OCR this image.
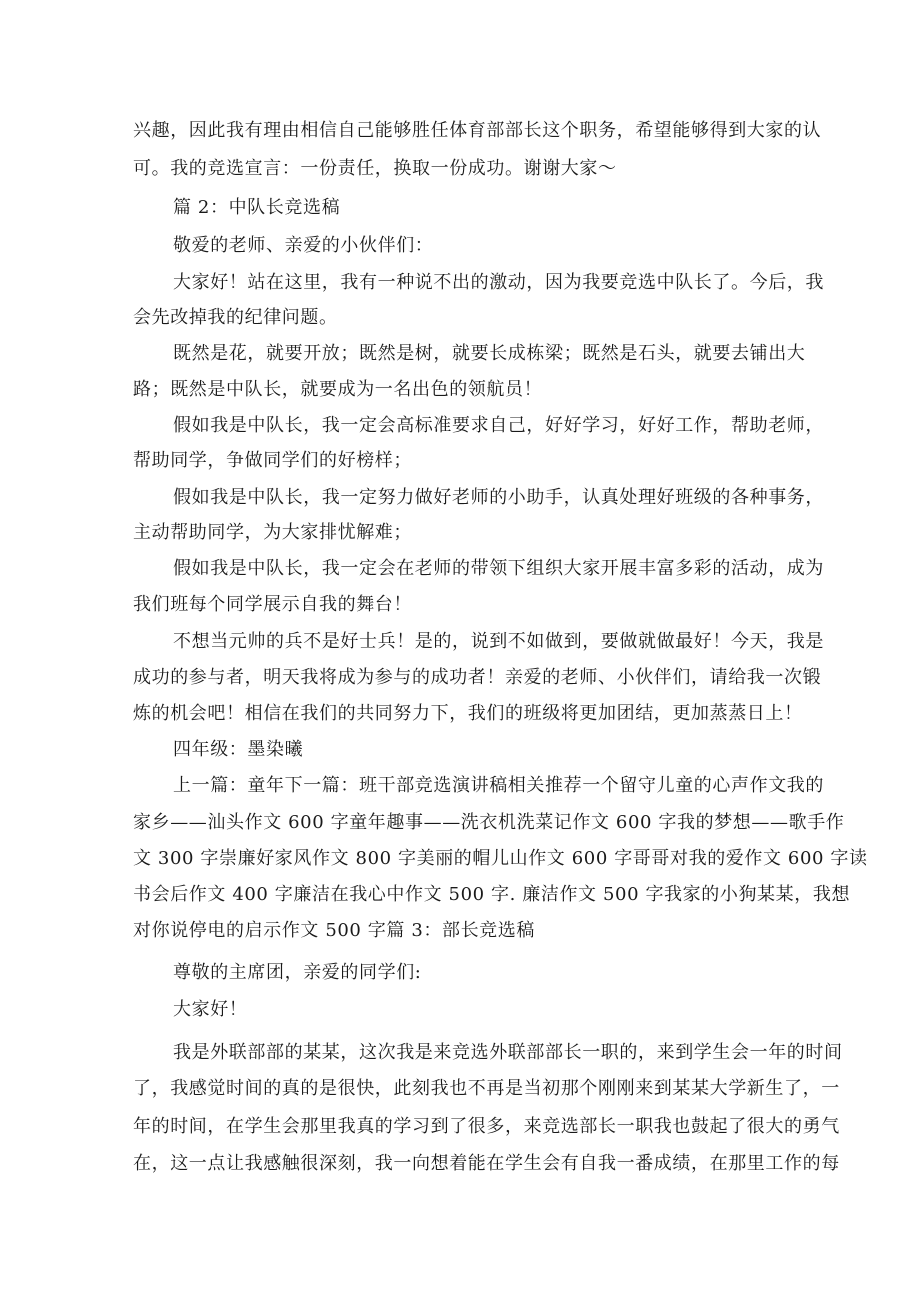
兴趣，因此我有理由相信自己能够胜任体育部部长这个职务，希望能够得到大家的认
可。我的竞选宣言：一份责任，换取一份成功。谢谢大家～
篇 2：中队长竞选稿
敬爱的老师、亲爱的小伙伴们：
大家好！站在这里，我有一种说不出的激动，因为我要竞选中队长了。今后，我
会先改掉我的纪律问题。
既然是花，就要开放；既然是树，就要长成栋梁；既然是石头，就要去铺出大
路；既然是中队长，就要成为一名出色的领航员！
假如我是中队长，我一定会高标准要求自己，好好学习，好好工作，帮助老师，
帮助同学，争做同学们的好榜样；
假如我是中队长，我一定努力做好老师的小助手，认真处理好班级的各种事务，
主动帮助同学，为大家排忧解难；
假如我是中队长，我一定会在老师的带领下组织大家开展丰富多彩的活动，成为
我们班每个同学展示自我的舞台！
不想当元帅的兵不是好士兵！是的，说到不如做到，要做就做最好！今天，我是
成功的参与者，明天我将成为参与的成功者！亲爱的老师、小伙伴们，请给我一次锻
炼的机会吧！相信在我们的共同努力下，我们的班级将更加团结，更加蒸蒸日上！
四年级：墨染曦
上一篇：童年下一篇：班干部竞选演讲稿相关推荐一个留守儿童的心声作文我的
家乡——汕头作文 600 字童年趣事——洗衣机洗菜记作文 600 字我的梦想——歌手作
文 300 字崇廉好家风作文 800 字美丽的帽儿山作文 600 字哥哥对我的爱作文 600 字读
书会后作文 400 字廉洁在我心中作文 500 字. 廉洁作文 500 字我家的小狗某某，我想
对你说停电的启示作文 500 字篇 3：部长竞选稿
尊敬的主席团，亲爱的同学们:
大家好！
我是外联部部的某某，这次我是来竞选外联部部长一职的，来到学生会一年的时间
了，我感觉时间的真的是很快，此刻我也不再是当初那个刚刚来到某某大学新生了，一
年的时间，在学生会那里我真的学习到了很多，来竞选部长一职我也鼓起了很大的勇气
在，这一点让我感触很深刻，我一向想着能在学生会有自我一番成绩，在那里工作的每
